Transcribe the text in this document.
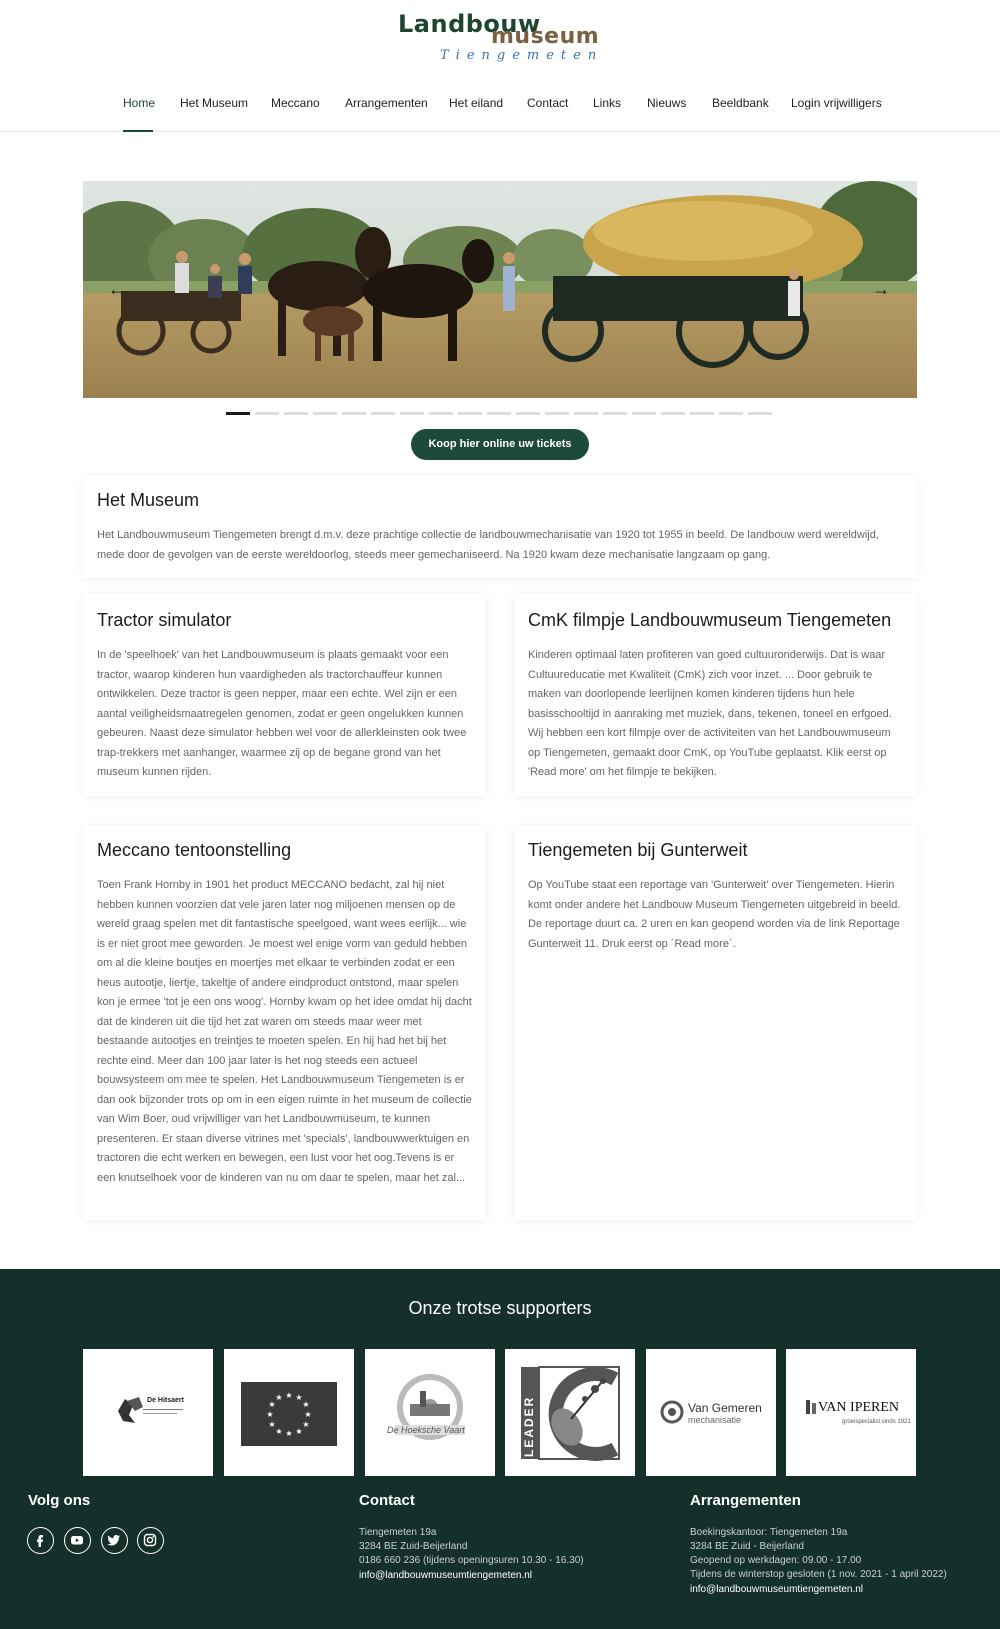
Landbouw
museum
Tiengemeten
Home Het Museum Meccano Arrangementen Het eiland Contact Links Nieuws Beeldbank Login vrijwilligers
←	→
Koop hier online uw tickets
Het Museum

Het Landbouwmuseum Tiengemeten brengt d.m.v. deze prachtige collectie de landbouwmechanisatie van 1920 tot 1955 in beeld. De landbouw werd wereldwijd, mede door de gevolgen van de eerste wereldoorlog, steeds meer gemechaniseerd. Na 1920 kwam deze mechanisatie langzaam op gang.

Tractor simulator

In de 'speelhoek' van het Landbouwmuseum is plaats gemaakt voor een tractor, waarop kinderen hun vaardigheden als tractorchauffeur kunnen ontwikkelen. Deze tractor is geen nepper, maar een echte. Wel zijn er een aantal veiligheidsmaatregelen genomen, zodat er geen ongelukken kunnen gebeuren. Naast deze simulator hebben wel voor de allerkleinsten ook twee trap-trekkers met aanhanger, waarmee zij op de begane grond van het museum kunnen rijden.

CmK filmpje Landbouwmuseum Tiengemeten

Kinderen optimaal laten profiteren van goed cultuuronderwijs. Dat is waar Cultuureducatie met Kwaliteit (CmK) zich voor inzet. ... Door gebruik te maken van doorlopende leerlijnen komen kinderen tijdens hun hele basisschooltijd in aanraking met muziek, dans, tekenen, toneel en erfgoed. Wij hebben een kort filmpje over de activiteiten van het Landbouwmuseum op Tiengemeten, gemaakt door CmK, op YouTube geplaatst. Klik eerst op 'Read more' om het filmpje te bekijken.

Meccano tentoonstelling

Toen Frank Hornby in 1901 het product MECCANO bedacht, zal hij niet hebben kunnen voorzien dat vele jaren later nog miljoenen mensen op de wereld graag spelen met dit fantastische speelgoed, want wees eerlijk... wie is er niet groot mee geworden. Je moest wel enige vorm van geduld hebben om al die kleine boutjes en moertjes met elkaar te verbinden zodat er een heus autootje, liertje, takeltje of andere eindproduct ontstond, maar spelen kon je ermee 'tot je een ons woog'. Hornby kwam op het idee omdat hij dacht dat de kinderen uit die tijd het zat waren om steeds maar weer met bestaande autootjes en treintjes te moeten spelen. En hij had het bij het rechte eind. Meer dan 100 jaar later is het nog steeds een actueel bouwsysteem om mee te spelen. Het Landbouwmuseum Tiengemeten is er dan ook bijzonder trots op om in een eigen ruimte in het museum de collectie van Wim Boer, oud vrijwilliger van het Landbouwmuseum, te kunnen presenteren. Er staan diverse vitrines met 'specials', landbouwwerktuigen en tractoren die echt werken en bewegen, een lust voor het oog.Tevens is er een knutselhoek voor de kinderen van nu om daar te spelen, maar het zal...

Tiengemeten bij Gunterweit

Op YouTube staat een reportage van 'Gunterweit' over Tiengemeten. Hierin komt onder andere het Landbouw Museum Tiengemeten uitgebreid in beeld. De reportage duurt ca. 2 uren en kan geopend worden via de link Reportage Gunterweit 11. Druk eerst op ´Read more´.

Onze trotse supporters
De Hitsaert
★ ★
★
★
★
★
★
★
★
★
★
★
De Hoeksche Vaart	LEADER	Van Gemeren
mechanisatie
VAN IPEREN
groeispecialist sinds 1921
Volg ons	Contact
Tiengemeten 19a
3284 BE Zuid-Beijerland
0186 660 236 (tijdens openingsuren 10.30 - 16.30)
info@landbouwmuseumtiengemeten.nl
Arrangementen
Boekingskantoor: Tiengemeten 19a
3284 BE Zuid - Beijerland
Geopend op werkdagen: 09.00 - 17.00
Tijdens de winterstop gesloten (1 nov. 2021 - 1 april 2022)
info@landbouwmuseumtiengemeten.nl
